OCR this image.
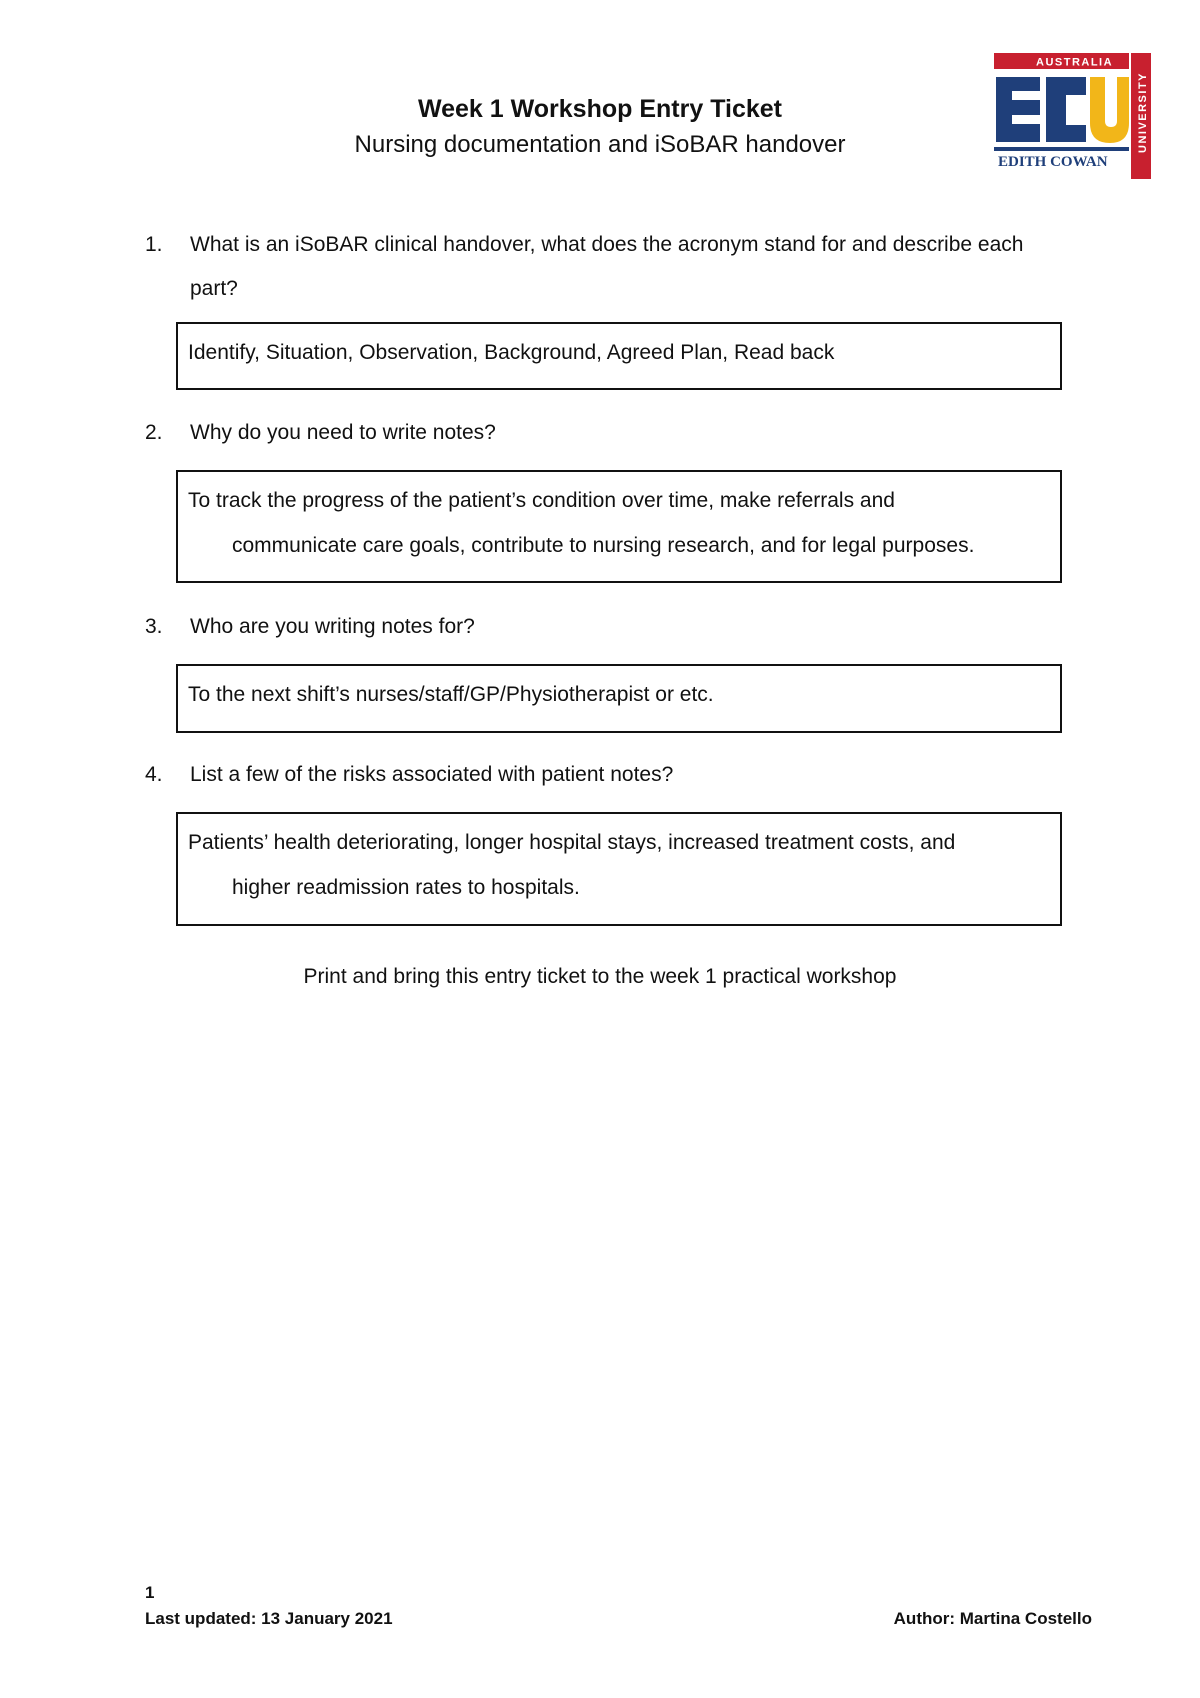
Week 1 Workshop Entry Ticket
Nursing documentation and iSoBAR handover
AUSTRALIA
EDITH COWAN
UNIVERSITY
1. What is an iSoBAR clinical handover, what does the acronym stand for and describe each part?
Identify, Situation, Observation, Background, Agreed Plan, Read back
2. Why do you need to write notes?
To track the progress of the patient’s condition over time, make referrals and
communicate care goals, contribute to nursing research, and for legal purposes.
3. Who are you writing notes for?
To the next shift’s nurses/staff/GP/Physiotherapist or etc.
4. List a few of the risks associated with patient notes?
Patients’ health deteriorating, longer hospital stays, increased treatment costs, and
higher readmission rates to hospitals.
Print and bring this entry ticket to the week 1 practical workshop
1
Last updated: 13 January 2021	Author: Martina Costello
